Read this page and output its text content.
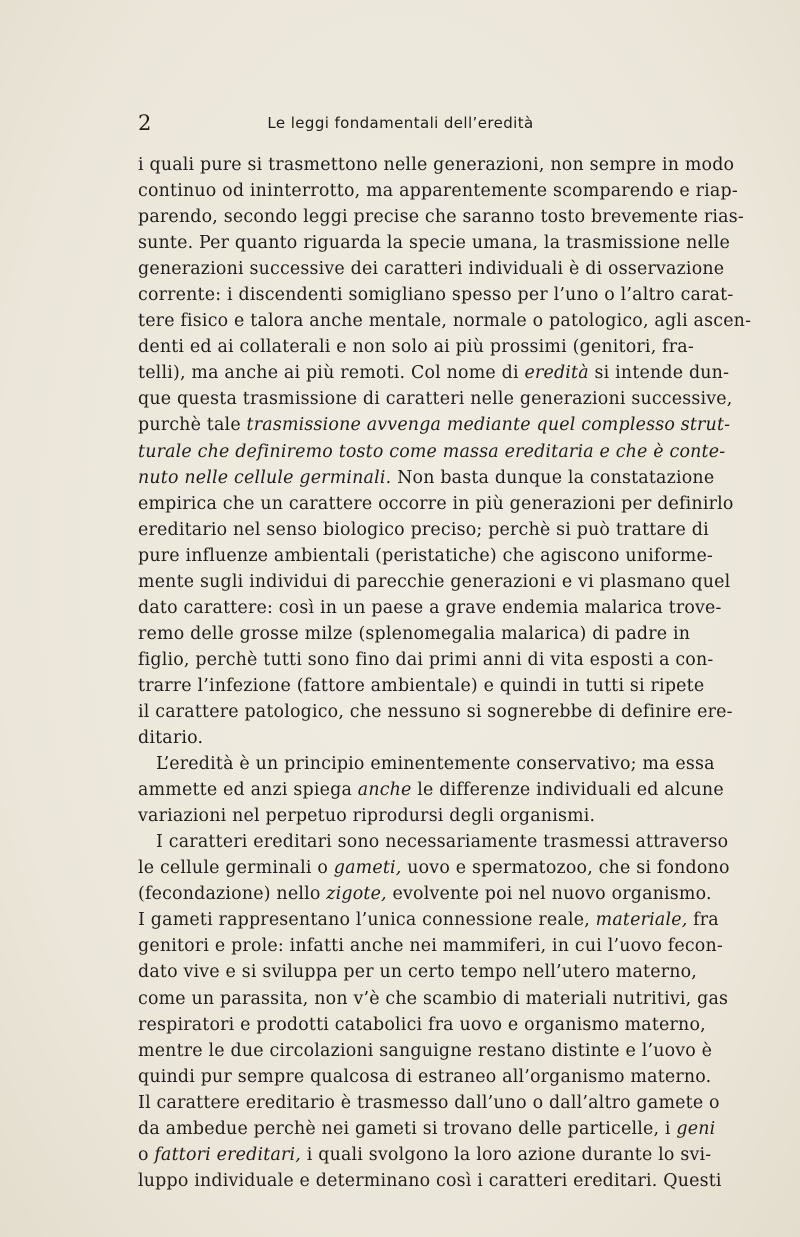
2	Le leggi fondamentali dell’eredità
i quali pure si trasmettono nelle generazioni, non sempre in modo
continuo od ininterrotto, ma apparentemente scomparendo e riap-
parendo, secondo leggi precise che saranno tosto brevemente rias-
sunte. Per quanto riguarda la specie umana, la trasmissione nelle
generazioni successive dei caratteri individuali è di osservazione
corrente: i discendenti somigliano spesso per l’uno o l’altro carat-
tere fisico e talora anche mentale, normale o patologico, agli ascen-
denti ed ai collaterali e non solo ai più prossimi (genitori, fra-
telli), ma anche ai più remoti. Col nome di eredità si intende dun-
que questa trasmissione di caratteri nelle generazioni successive,
purchè tale trasmissione avvenga mediante quel complesso strut-
turale che definiremo tosto come massa ereditaria e che è conte-
nuto nelle cellule germinali. Non basta dunque la constatazione
empirica che un carattere occorre in più generazioni per definirlo
ereditario nel senso biologico preciso; perchè si può trattare di
pure influenze ambientali (peristatiche) che agiscono uniforme-
mente sugli individui di parecchie generazioni e vi plasmano quel
dato carattere: così in un paese a grave endemia malarica trove-
remo delle grosse milze (splenomegalia malarica) di padre in
figlio, perchè tutti sono fino dai primi anni di vita esposti a con-
trarre l’infezione (fattore ambientale) e quindi in tutti si ripete
il carattere patologico, che nessuno si sognerebbe di definire ere-
ditario.
L’eredità è un principio eminentemente conservativo; ma essa
ammette ed anzi spiega anche le differenze individuali ed alcune
variazioni nel perpetuo riprodursi degli organismi.
I caratteri ereditari sono necessariamente trasmessi attraverso
le cellule germinali o gameti, uovo e spermatozoo, che si fondono
(fecondazione) nello zigote, evolvente poi nel nuovo organismo.
I gameti rappresentano l’unica connessione reale, materiale, fra
genitori e prole: infatti anche nei mammiferi, in cui l’uovo fecon-
dato vive e si sviluppa per un certo tempo nell’utero materno,
come un parassita, non v’è che scambio di materiali nutritivi, gas
respiratori e prodotti catabolici fra uovo e organismo materno,
mentre le due circolazioni sanguigne restano distinte e l’uovo è
quindi pur sempre qualcosa di estraneo all’organismo materno.
Il carattere ereditario è trasmesso dall’uno o dall’altro gamete o
da ambedue perchè nei gameti si trovano delle particelle, i geni
o fattori ereditari, i quali svolgono la loro azione durante lo svi-
luppo individuale e determinano così i caratteri ereditari. Questi
